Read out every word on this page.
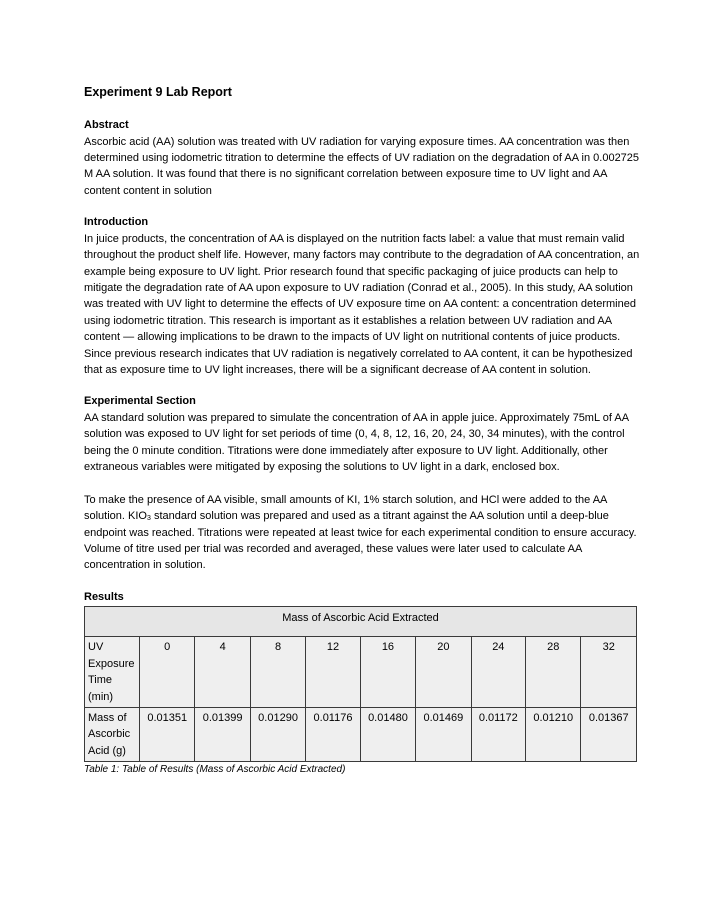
Experiment 9 Lab Report
Abstract

Ascorbic acid (AA) solution was treated with UV radiation for varying exposure times. AA concentration was then determined using iodometric titration to determine the effects of UV radiation on the degradation of AA in 0.002725 M AA solution. It was found that there is no significant correlation between exposure time to UV light and AA content content in solution

Introduction

In juice products, the concentration of AA is displayed on the nutrition facts label: a value that must remain valid throughout the product shelf life. However, many factors may contribute to the degradation of AA concentration, an example being exposure to UV light. Prior research found that specific packaging of juice products can help to mitigate the degradation rate of AA upon exposure to UV radiation (Conrad et al., 2005). In this study, AA solution was treated with UV light to determine the effects of UV exposure time on AA content: a concentration determined using iodometric titration. This research is important as it establishes a relation between UV radiation and AA content — allowing implications to be drawn to the impacts of UV light on nutritional contents of juice products. Since previous research indicates that UV radiation is negatively correlated to AA content, it can be hypothesized that as exposure time to UV light increases, there will be a significant decrease of AA content in solution.

Experimental Section

AA standard solution was prepared to simulate the concentration of AA in apple juice. Approximately 75mL of AA solution was exposed to UV light for set periods of time (0, 4, 8, 12, 16, 20, 24, 30, 34 minutes), with the control being the 0 minute condition. Titrations were done immediately after exposure to UV light. Additionally, other extraneous variables were mitigated by exposing the solutions to UV light in a dark, enclosed box.

To make the presence of AA visible, small amounts of KI, 1% starch solution, and HCl were added to the AA solution. $KIO_3$ standard solution was prepared and used as a titrant against the AA solution until a deep-blue endpoint was reached. Titrations were repeated at least twice for each experimental condition to ensure accuracy. Volume of titre used per trial was recorded and averaged, these values were later used to calculate AA concentration in solution.

Results
Mass of Ascorbic Acid Extracted									
UV Exposure Time (min)	0	4	8	12	16	20	24	28	32
Mass of Ascorbic Acid (g)	0.01351	0.01399	0.01290	0.01176	0.01480	0.01469	0.01172	0.01210	0.01367
Table 1: Table of Results (Mass of Ascorbic Acid Extracted)
